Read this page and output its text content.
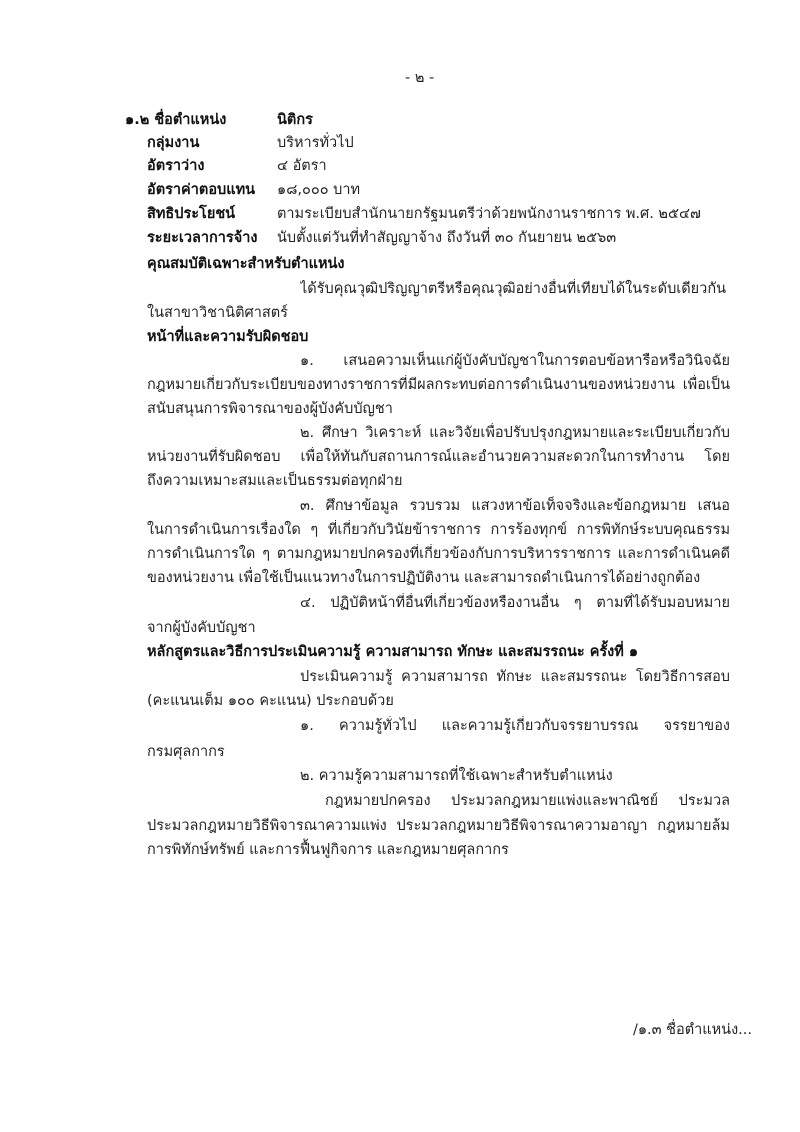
- ๒ -
๑.๒ ชื่อตำแหน่ง	นิติกร
กลุ่มงาน	บริหารทั่วไป
อัตราว่าง	๔ อัตรา
อัตราค่าตอบแทน ๑๘,๐๐๐ บาท
สิทธิประโยชน์	ตามระเบียบสำนักนายกรัฐมนตรีว่าด้วยพนักงานราชการ พ.ศ. ๒๕๔๗
ระยะเวลาการจ้าง นับตั้งแต่วันที่ทำสัญญาจ้าง ถึงวันที่ ๓๐ กันยายน ๒๕๖๓
คุณสมบัติเฉพาะสำหรับตำแหน่ง
ได้รับคุณวุฒิปริญญาตรีหรือคุณวุฒิอย่างอื่นที่เทียบได้ในระดับเดียวกัน
ในสาขาวิชานิติศาสตร์
หน้าที่และความรับผิดชอบ
๑. เสนอความเห็นแก่ผู้บังคับบัญชาในการตอบข้อหารือหรือวินิจฉัย
กฎหมายเกี่ยวกับระเบียบของทางราชการที่มีผลกระทบต่อการดำเนินงานของหน่วยงาน เพื่อเป็น
สนับสนุนการพิจารณาของผู้บังคับบัญชา
๒. ศึกษา วิเคราะห์ และวิจัยเพื่อปรับปรุงกฎหมายและระเบียบเกี่ยวกับ
หน่วยงานที่รับผิดชอบ เพื่อให้ทันกับสถานการณ์และอำนวยความสะดวกในการทำงาน โดย
ถึงความเหมาะสมและเป็นธรรมต่อทุกฝ่าย
๓. ศึกษาข้อมูล รวบรวม แสวงหาข้อเท็จจริงและข้อกฎหมาย เสนอ
ในการดำเนินการเรื่องใด ๆ ที่เกี่ยวกับวินัยข้าราชการ การร้องทุกข์ การพิทักษ์ระบบคุณธรรม
การดำเนินการใด ๆ ตามกฎหมายปกครองที่เกี่ยวข้องกับการบริหารราชการ และการดำเนินคดี
ของหน่วยงาน เพื่อใช้เป็นแนวทางในการปฏิบัติงาน และสามารถดำเนินการได้อย่างถูกต้อง
๔. ปฏิบัติหน้าที่อื่นที่เกี่ยวข้องหรืองานอื่น ๆ ตามที่ได้รับมอบหมาย
จากผู้บังคับบัญชา
หลักสูตรและวิธีการประเมินความรู้ ความสามารถ ทักษะ และสมรรถนะ ครั้งที่ ๑
ประเมินความรู้ ความสามารถ ทักษะ และสมรรถนะ โดยวิธีการสอบ
(คะแนนเต็ม ๑๐๐ คะแนน) ประกอบด้วย
๑. ความรู้ทั่วไป และความรู้เกี่ยวกับจรรยาบรรณ จรรยาของ
กรมศุลกากร
๒. ความรู้ความสามารถที่ใช้เฉพาะสำหรับตำแหน่ง
กฎหมายปกครอง ประมวลกฎหมายแพ่งและพาณิชย์ ประมวล
ประมวลกฎหมายวิธีพิจารณาความแพ่ง ประมวลกฎหมายวิธีพิจารณาความอาญา กฎหมายล้ม
การพิทักษ์ทรัพย์ และการฟื้นฟูกิจการ และกฎหมายศุลกากร
/๑.๓ ชื่อตำแหน่ง...
